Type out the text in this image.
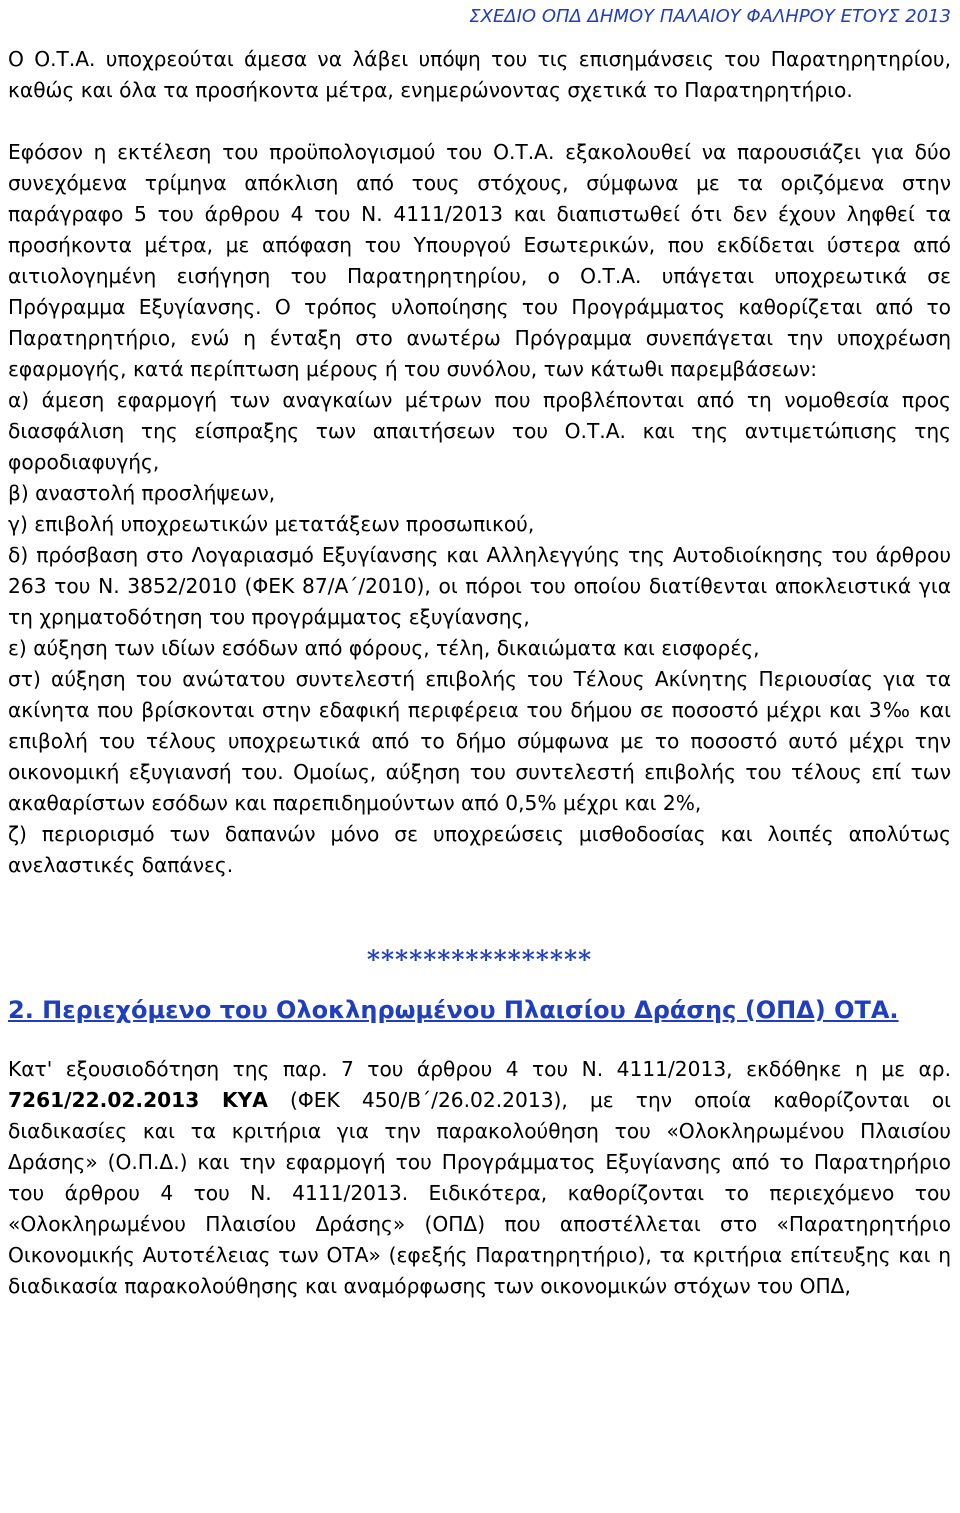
ΣΧΕΔΙΟ ΟΠΔ ΔΗΜΟΥ ΠΑΛΑΙΟΥ ΦΑΛΗΡΟΥ ΕΤΟΥΣ 2013

Ο Ο.Τ.Α. υποχρεούται άμεσα να λάβει υπόψη του τις επισημάνσεις του Παρατηρητηρίου, καθώς και όλα τα προσήκοντα μέτρα, ενημερώνοντας σχετικά το Παρατηρητήριο.

Εφόσον η εκτέλεση του προϋπολογισμού του Ο.Τ.Α. εξακολουθεί να παρουσιάζει για δύο συνεχόμενα τρίμηνα απόκλιση από τους στόχους, σύμφωνα με τα οριζόμενα στην παράγραφο 5 του άρθρου 4 του Ν. 4111/2013 και διαπιστωθεί ότι δεν έχουν ληφθεί τα προσήκοντα μέτρα, με απόφαση του Υπουργού Εσωτερικών, που εκδίδεται ύστερα από αιτιολογημένη εισήγηση του Παρατηρητηρίου, ο Ο.Τ.Α. υπάγεται υποχρεωτικά σε Πρόγραμμα Εξυγίανσης. Ο τρόπος υλοποίησης του Προγράμματος καθορίζεται από το Παρατηρητήριο, ενώ η ένταξη στο ανωτέρω Πρόγραμμα συνεπάγεται την υποχρέωση εφαρμογής, κατά περίπτωση μέρους ή του συνόλου, των κάτωθι παρεμβάσεων:

α) άμεση εφαρμογή των αναγκαίων μέτρων που προβλέπονται από τη νομοθεσία προς διασφάλιση της είσπραξης των απαιτήσεων του Ο.Τ.Α. και της αντιμετώπισης της φοροδιαφυγής,

β) αναστολή προσλήψεων,

γ) επιβολή υποχρεωτικών μετατάξεων προσωπικού,

δ) πρόσβαση στο Λογαριασμό Εξυγίανσης και Αλληλεγγύης της Αυτοδιοίκησης του άρθρου 263 του Ν. 3852/2010 (ΦΕΚ 87/Α΄/2010), οι πόροι του οποίου διατίθενται αποκλειστικά για τη χρηματοδότηση του προγράμματος εξυγίανσης,

ε) αύξηση των ιδίων εσόδων από φόρους, τέλη, δικαιώματα και εισφορές,

στ) αύξηση του ανώτατου συντελεστή επιβολής του Τέλους Ακίνητης Περιουσίας για τα ακίνητα που βρίσκονται στην εδαφική περιφέρεια του δήμου σε ποσοστό μέχρι και 3‰ και επιβολή του τέλους υποχρεωτικά από το δήμο σύμφωνα με το ποσοστό αυτό μέχρι την οικονομική εξυγιανσή του. Ομοίως, αύξηση του συντελεστή επιβολής του τέλους επί των ακαθαρίστων εσόδων και παρεπιδημούντων από 0,5% μέχρι και 2%,

ζ) περιορισμό των δαπανών μόνο σε υποχρεώσεις μισθοδοσίας και λοιπές απολύτως ανελαστικές δαπάνες.

****************
2. Περιεχόμενο του Ολοκληρωμένου Πλαισίου Δράσης (ΟΠΔ) ΟΤΑ.

Κατ' εξουσιοδότηση της παρ. 7 του άρθρου 4 του Ν. 4111/2013, εκδόθηκε η με αρ. 7261/22.02.2013 ΚΥΑ (ΦΕΚ 450/Β΄/26.02.2013), με την οποία καθορίζονται οι διαδικασίες και τα κριτήρια για την παρακολούθηση του «Ολοκληρωμένου Πλαισίου Δράσης» (Ο.Π.Δ.) και την εφαρμογή του Προγράμματος Εξυγίανσης από το Παρατηρήριο του άρθρου 4 του Ν. 4111/2013. Ειδικότερα, καθορίζονται το περιεχόμενο του «Ολοκληρωμένου Πλαισίου Δράσης» (ΟΠΔ) που αποστέλλεται στο «Παρατηρητήριο Οικονομικής Αυτοτέλειας των ΟΤΑ» (εφεξής Παρατηρητήριο), τα κριτήρια επίτευξης και η διαδικασία παρακολούθησης και αναμόρφωσης των οικονομικών στόχων του ΟΠΔ,
